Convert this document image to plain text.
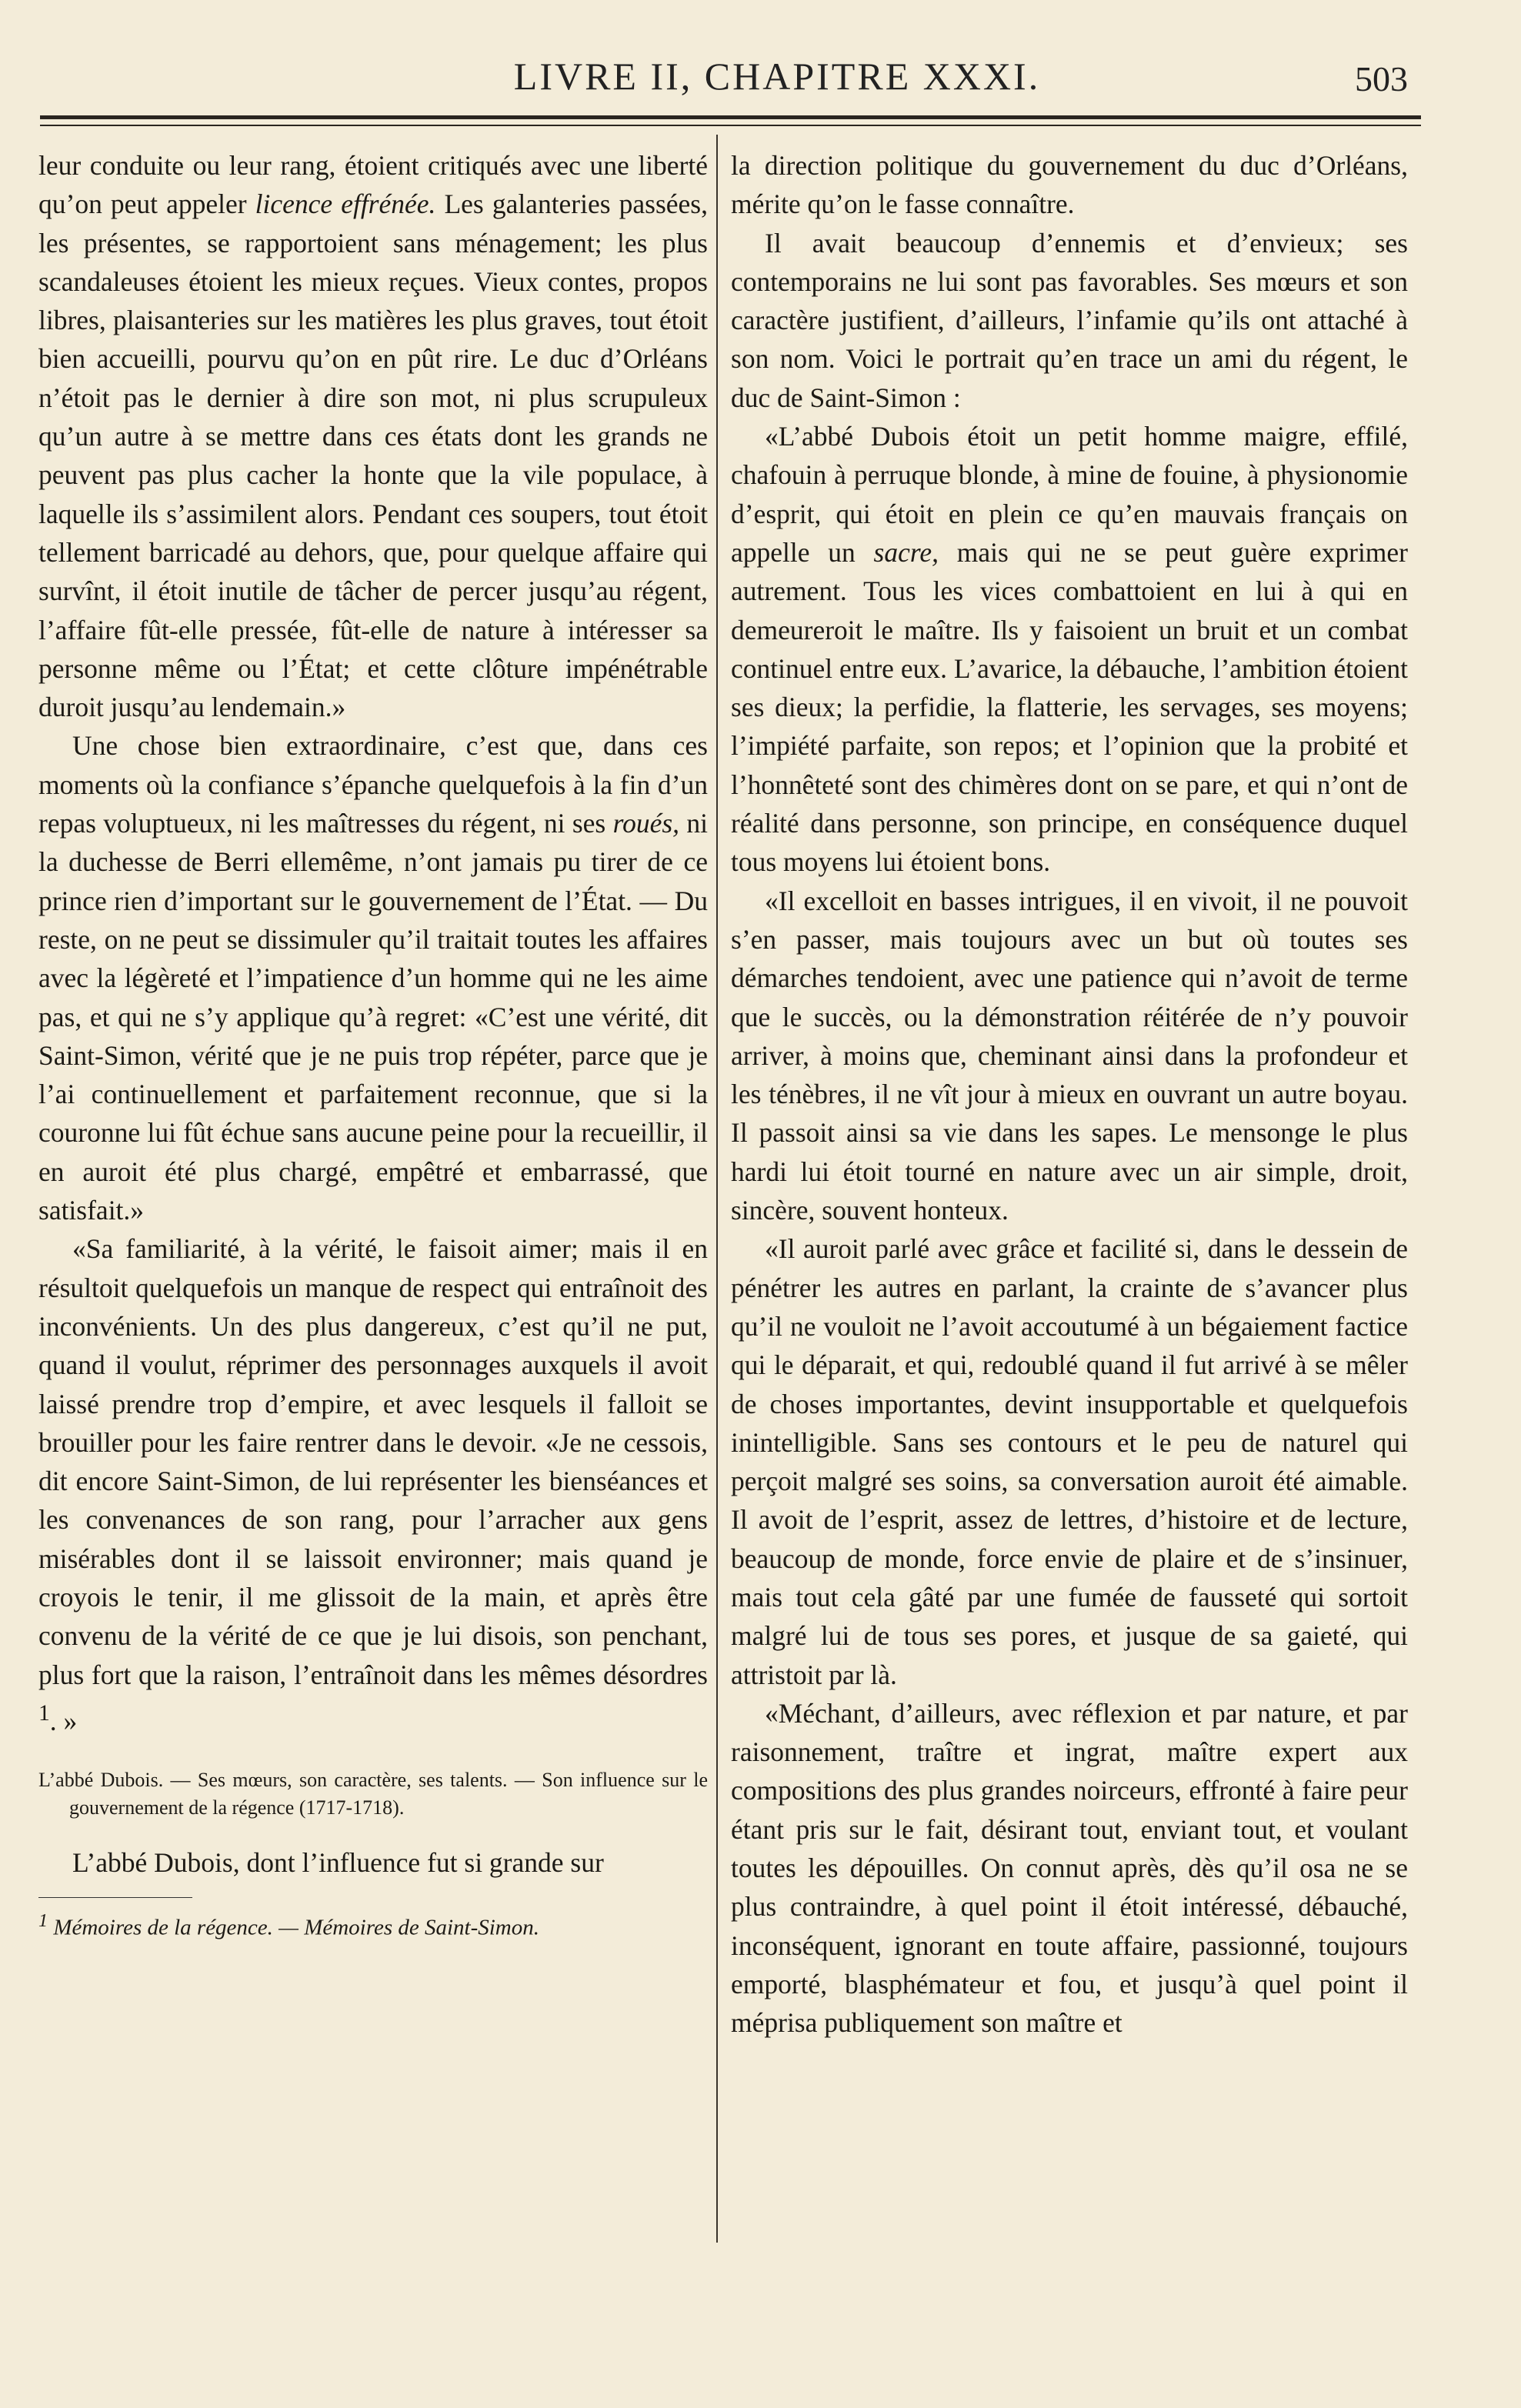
LIVRE II, CHAPITRE XXXI.	503

leur conduite ou leur rang, étoient critiqués avec une liberté qu’on peut appeler licence effrénée. Les galanteries passées, les présentes, se rapportoient sans ménagement; les plus scandaleuses étoient les mieux reçues. Vieux contes, propos libres, plaisanteries sur les matières les plus graves, tout étoit bien accueilli, pourvu qu’on en pût rire. Le duc d’Orléans n’étoit pas le dernier à dire son mot, ni plus scrupuleux qu’un autre à se mettre dans ces états dont les grands ne peuvent pas plus cacher la honte que la vile populace, à laquelle ils s’assimilent alors. Pendant ces soupers, tout étoit tellement barricadé au dehors, que, pour quelque affaire qui survînt, il étoit inutile de tâcher de percer jusqu’au régent, l’affaire fût-elle pressée, fût-elle de nature à intéresser sa personne même ou l’État; et cette clôture impénétrable duroit jusqu’au lendemain.»

Une chose bien extraordinaire, c’est que, dans ces moments où la confiance s’épanche quelquefois à la fin d’un repas voluptueux, ni les maîtresses du régent, ni ses roués, ni la duchesse de Berri ellemême, n’ont jamais pu tirer de ce prince rien d’important sur le gouvernement de l’État. — Du reste, on ne peut se dissimuler qu’il traitait toutes les affaires avec la légèreté et l’impatience d’un homme qui ne les aime pas, et qui ne s’y applique qu’à regret: «C’est une vérité, dit Saint-Simon, vérité que je ne puis trop répéter, parce que je l’ai continuellement et parfaitement reconnue, que si la couronne lui fût échue sans aucune peine pour la recueillir, il en auroit été plus chargé, empêtré et embarrassé, que satisfait.»

«Sa familiarité, à la vérité, le faisoit aimer; mais il en résultoit quelquefois un manque de respect qui entraînoit des inconvénients. Un des plus dangereux, c’est qu’il ne put, quand il voulut, réprimer des personnages auxquels il avoit laissé prendre trop d’empire, et avec lesquels il falloit se brouiller pour les faire rentrer dans le devoir. «Je ne cessois, dit encore Saint-Simon, de lui représenter les bienséances et les convenances de son rang, pour l’arracher aux gens misérables dont il se laissoit environner; mais quand je croyois le tenir, il me glissoit de la main, et après être convenu de la vérité de ce que je lui disois, son penchant, plus fort que la raison, l’entraînoit dans les mêmes désordres $^1$. »

L’abbé Dubois. — Ses mœurs, son caractère, ses talents. — Son influence sur le gouvernement de la régence (1717-1718).

L’abbé Dubois, dont l’influence fut si grande sur

$^1$ Mémoires de la régence. — Mémoires de Saint-Simon.

la direction politique du gouvernement du duc d’Orléans, mérite qu’on le fasse connaître.

Il avait beaucoup d’ennemis et d’envieux; ses contemporains ne lui sont pas favorables. Ses mœurs et son caractère justifient, d’ailleurs, l’infamie qu’ils ont attaché à son nom. Voici le portrait qu’en trace un ami du régent, le duc de Saint-Simon :

«L’abbé Dubois étoit un petit homme maigre, effilé, chafouin à perruque blonde, à mine de fouine, à physionomie d’esprit, qui étoit en plein ce qu’en mauvais français on appelle un sacre, mais qui ne se peut guère exprimer autrement. Tous les vices combattoient en lui à qui en demeureroit le maître. Ils y faisoient un bruit et un combat continuel entre eux. L’avarice, la débauche, l’ambition étoient ses dieux; la perfidie, la flatterie, les servages, ses moyens; l’impiété parfaite, son repos; et l’opinion que la probité et l’honnêteté sont des chimères dont on se pare, et qui n’ont de réalité dans personne, son principe, en conséquence duquel tous moyens lui étoient bons.

«Il excelloit en basses intrigues, il en vivoit, il ne pouvoit s’en passer, mais toujours avec un but où toutes ses démarches tendoient, avec une patience qui n’avoit de terme que le succès, ou la démonstration réitérée de n’y pouvoir arriver, à moins que, cheminant ainsi dans la profondeur et les ténèbres, il ne vît jour à mieux en ouvrant un autre boyau. Il passoit ainsi sa vie dans les sapes. Le mensonge le plus hardi lui étoit tourné en nature avec un air simple, droit, sincère, souvent honteux.

«Il auroit parlé avec grâce et facilité si, dans le dessein de pénétrer les autres en parlant, la crainte de s’avancer plus qu’il ne vouloit ne l’avoit accoutumé à un bégaiement factice qui le déparait, et qui, redoublé quand il fut arrivé à se mêler de choses importantes, devint insupportable et quelquefois inintelligible. Sans ses contours et le peu de naturel qui perçoit malgré ses soins, sa conversation auroit été aimable. Il avoit de l’esprit, assez de lettres, d’histoire et de lecture, beaucoup de monde, force envie de plaire et de s’insinuer, mais tout cela gâté par une fumée de fausseté qui sortoit malgré lui de tous ses pores, et jusque de sa gaieté, qui attristoit par là.

«Méchant, d’ailleurs, avec réflexion et par nature, et par raisonnement, traître et ingrat, maître expert aux compositions des plus grandes noirceurs, effronté à faire peur étant pris sur le fait, désirant tout, enviant tout, et voulant toutes les dépouilles. On connut après, dès qu’il osa ne se plus contraindre, à quel point il étoit intéressé, débauché, inconséquent, ignorant en toute affaire, passionné, toujours emporté, blasphémateur et fou, et jusqu’à quel point il méprisa publiquement son maître et
